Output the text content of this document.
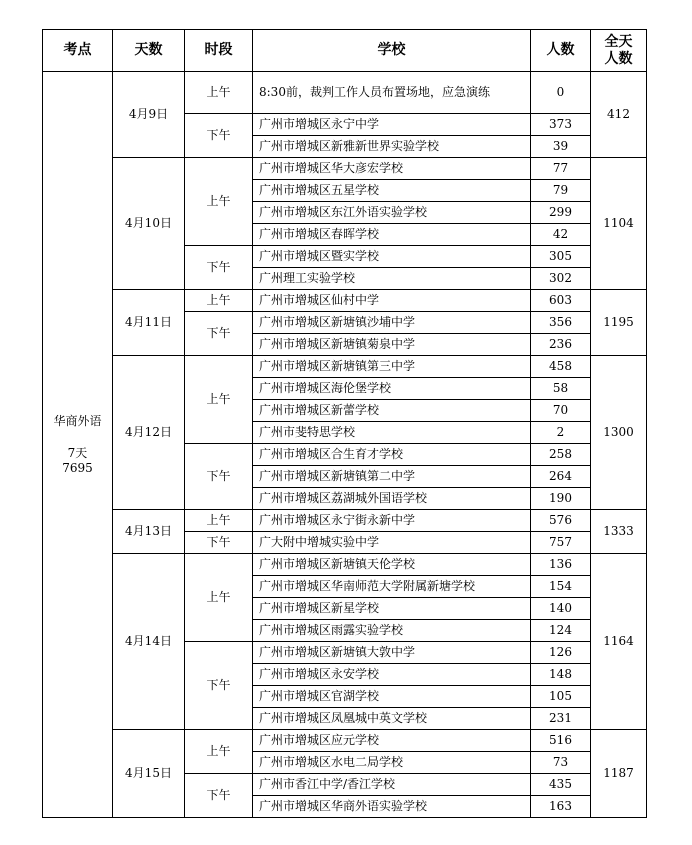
考点	天数	时段	学校	人数	全天
人数

华商外语
7天
7695	4月9日	上午	8:30前，裁判工作人员布置场地，应急演练	0	412
		下午	广州市增城区永宁中学	373	
			广州市增城区新雅新世界实验学校	39	
	4月10日	上午	广州市增城区华大彦宏学校	77	1104
			广州市增城区五星学校	79	
			广州市增城区东江外语实验学校	299	
			广州市增城区春晖学校	42	
		下午	广州市增城区暨实学校	305	
			广州理工实验学校	302	
	4月11日	上午	广州市增城区仙村中学	603	1195
		下午	广州市增城区新塘镇沙埔中学	356	
			广州市增城区新塘镇菊泉中学	236	
	4月12日	上午	广州市增城区新塘镇第三中学	458	1300
			广州市增城区海伦堡学校	58	
			广州市增城区新蕾学校	70	
			广州市斐特思学校	2	
		下午	广州市增城区合生育才学校	258	
			广州市增城区新塘镇第二中学	264	
			广州市增城区荔湖城外国语学校	190	
	4月13日	上午	广州市增城区永宁街永新中学	576	1333
		下午	广大附中增城实验中学	757	
	4月14日	上午	广州市增城区新塘镇天伦学校	136	1164
			广州市增城区华南师范大学附属新塘学校	154	
			广州市增城区新星学校	140	
			广州市增城区雨露实验学校	124	
		下午	广州市增城区新塘镇大敦中学	126	
			广州市增城区永安学校	148	
			广州市增城区官湖学校	105	
			广州市增城区凤凰城中英文学校	231	
	4月15日	上午	广州市增城区应元学校	516	1187
			广州市增城区水电二局学校	73	
		下午	广州市香江中学/香江学校	435	
			广州市增城区华商外语实验学校	163	
